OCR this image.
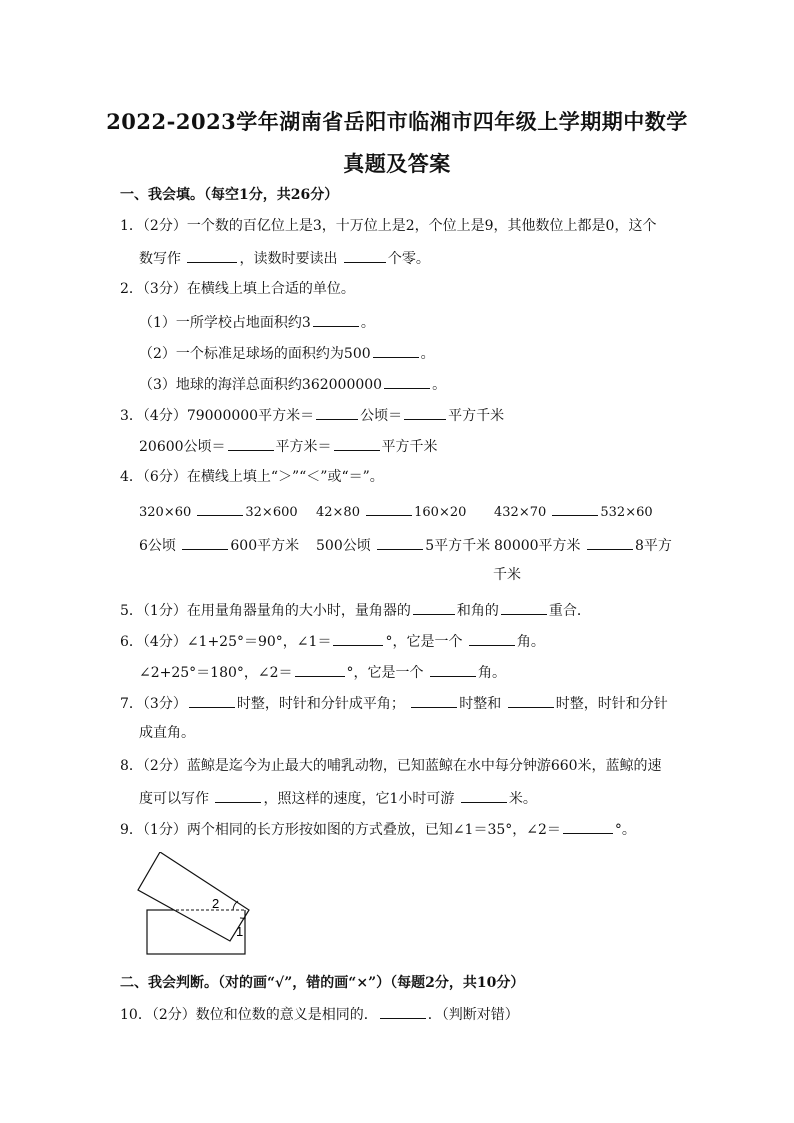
2022-2023学年湖南省岳阳市临湘市四年级上学期期中数学
真题及答案
一、我会填。（每空1分，共26分）
1．（2分）一个数的百亿位上是3，十万位上是2，个位上是9，其他数位上都是0，这个
数写作	，读数时要读出	个零。
2．（3分）在横线上填上合适的单位。
（1）一所学校占地面积约3	。
（2）一个标准足球场的面积约为500	。
（3）地球的海洋总面积约362000000	。
3．（4分）79000000平方米＝	公顷＝	平方千米
20600公顷＝	平方米＝	平方千米
4．（6分）在横线上填上“＞”“＜”或“＝”。
320×60	32×600 42×80	160×20 432×70	532×60
6公顷	600平方米 500公顷	5平方千米 80000平方米	8平方
千米
5．（1分）在用量角器量角的大小时，量角器的	和角的	重合．
6．（4分）∠1+25°＝90°，∠1＝	°，它是一个	角。
∠2+25°＝180°，∠2＝	°，它是一个	角。
7．（3分）	时整，时针和分针成平角；	时整和	时整，时针和分针
成直角。
8．（2分）蓝鲸是迄今为止最大的哺乳动物，已知蓝鲸在水中每分钟游660米，蓝鲸的速
度可以写作	，照这样的速度，它1小时可游	米。
9．（1分）两个相同的长方形按如图的方式叠放，已知∠1＝35°，∠2＝	°。
2
1
二、我会判断。（对的画“√”，错的画“×”）（每题2分，共10分）
10．（2分）数位和位数的意义是相同的．	．（判断对错）
